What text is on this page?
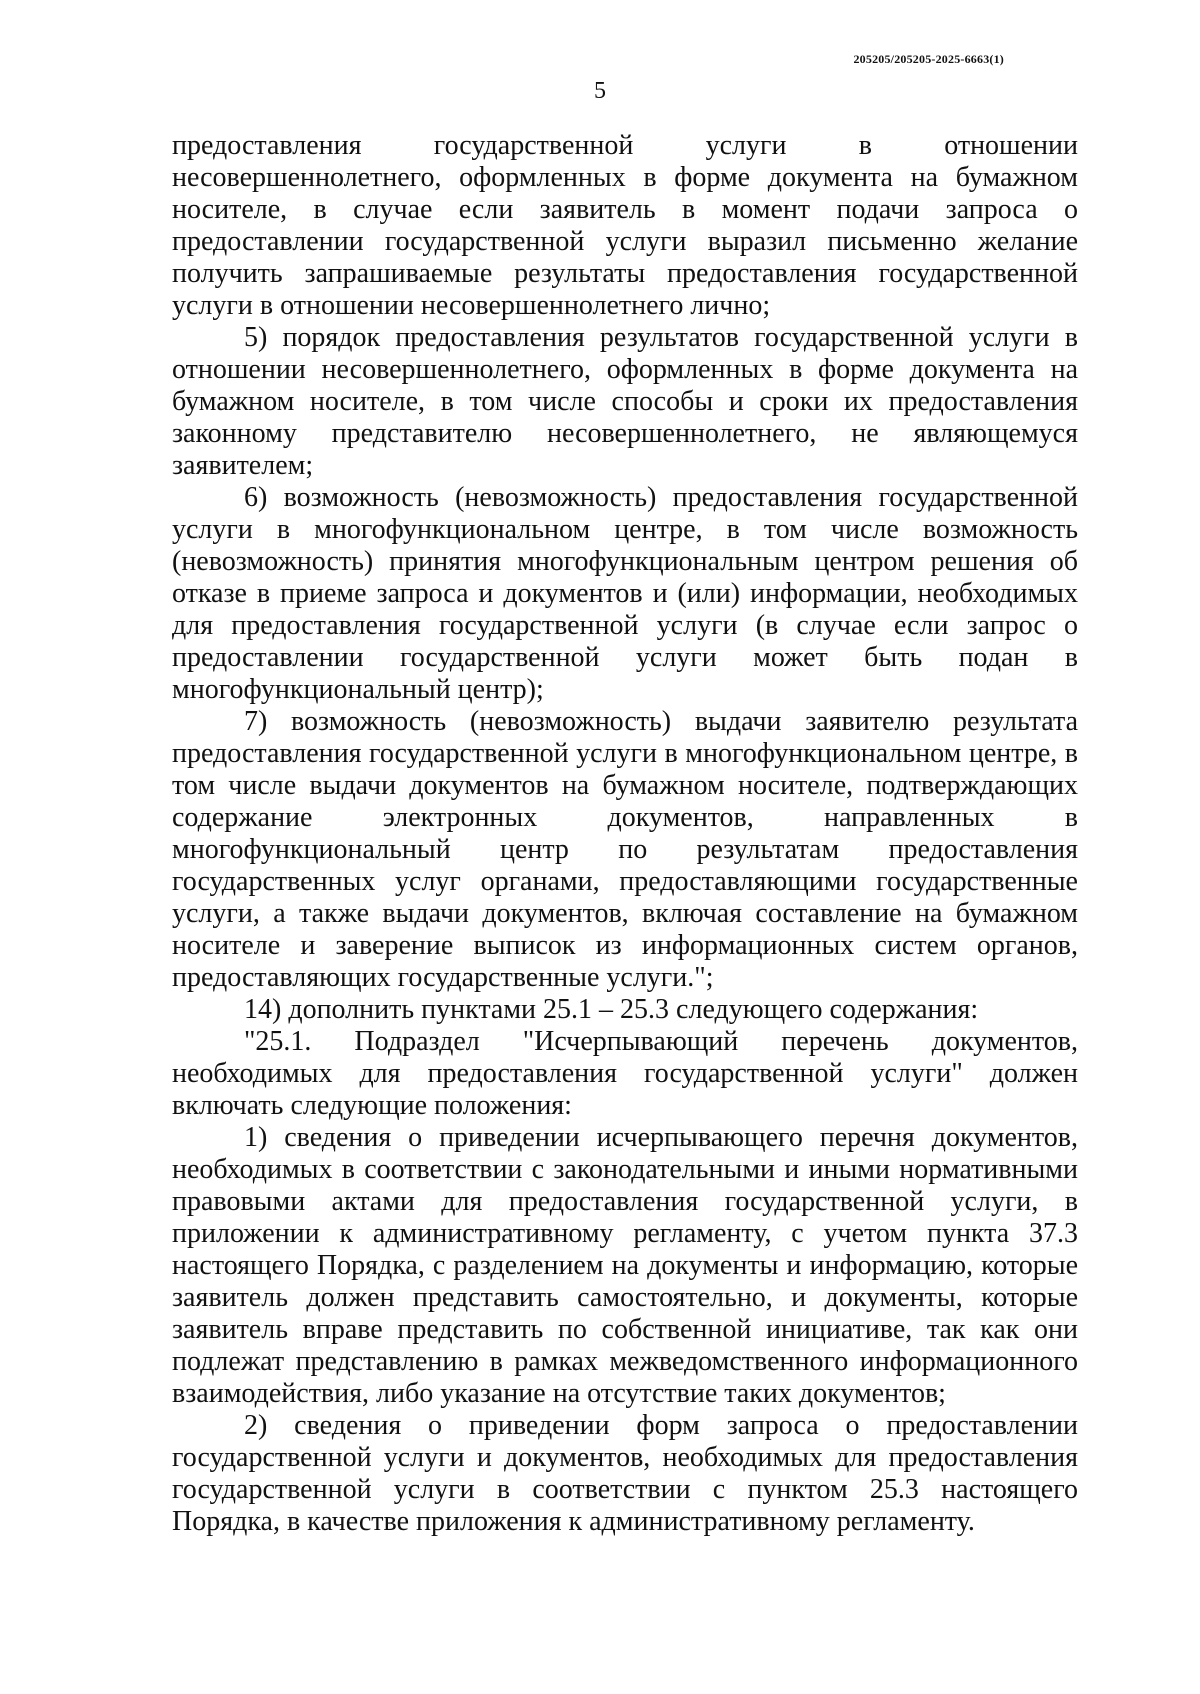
205205/205205-2025-6663(1)
5

предоставления государственной услуги в отношении несовершеннолетнего, оформленных в форме документа на бумажном носителе, в случае если заявитель в момент подачи запроса о предоставлении государственной услуги выразил письменно желание получить запрашиваемые результаты предоставления государственной услуги в отношении несовершеннолетнего лично;

5) порядок предоставления результатов государственной услуги в отношении несовершеннолетнего, оформленных в форме документа на бумажном носителе, в том числе способы и сроки их предоставления законному представителю несовершеннолетнего, не являющемуся заявителем;

6) возможность (невозможность) предоставления государственной услуги в многофункциональном центре, в том числе возможность (невозможность) принятия многофункциональным центром решения об отказе в приеме запроса и документов и (или) информации, необходимых для предоставления государственной услуги (в случае если запрос о предоставлении государственной услуги может быть подан в многофункциональный центр);

7) возможность (невозможность) выдачи заявителю результата предоставления государственной услуги в многофункциональном центре, в том числе выдачи документов на бумажном носителе, подтверждающих содержание электронных документов, направленных в многофункциональный центр по результатам предоставления государственных услуг органами, предоставляющими государственные услуги, а также выдачи документов, включая составление на бумажном носителе и заверение выписок из информационных систем органов, предоставляющих государственные услуги.";

14) дополнить пунктами 25.1 – 25.3 следующего содержания:

"25.1. Подраздел "Исчерпывающий перечень документов, необходимых для предоставления государственной услуги" должен включать следующие положения:

1) сведения о приведении исчерпывающего перечня документов, необходимых в соответствии с законодательными и иными нормативными правовыми актами для предоставления государственной услуги, в приложении к административному регламенту, с учетом пункта 37.3 настоящего Порядка, с разделением на документы и информацию, которые заявитель должен представить самостоятельно, и документы, которые заявитель вправе представить по собственной инициативе, так как они подлежат представлению в рамках межведомственного информационного взаимодействия, либо указание на отсутствие таких документов;

2) сведения о приведении форм запроса о предоставлении государственной услуги и документов, необходимых для предоставления государственной услуги в соответствии с пунктом 25.3 настоящего Порядка, в качестве приложения к административному регламенту.
